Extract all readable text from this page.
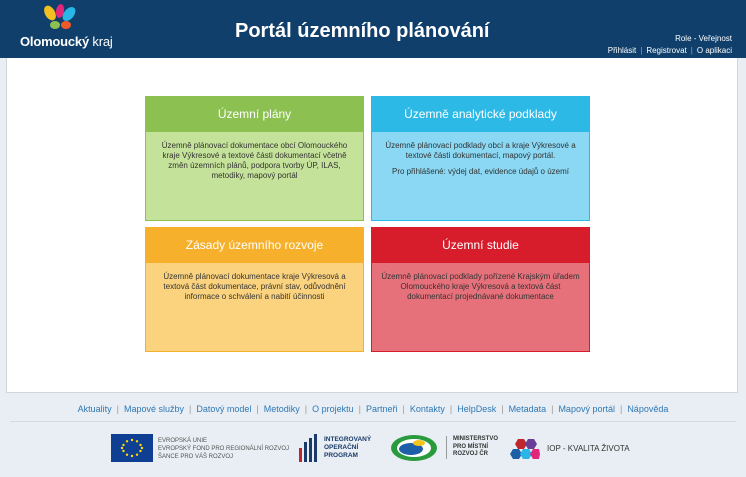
Olomoucký kraj	Portál územního plánování	Role - Veřejnost
Přihlásit | Registrovat | O aplikaci
Územní plány

Územně plánovací dokumentace obcí Olomouckého kraje Výkresové a textové části dokumentací včetně změn územních plánů, podpora tvorby ÚP, ILAS, metodiky, mapový portál

Územně analytické podklady

Územně plánovací podklady obcí a kraje Výkresové a textové části dokumentací, mapový portál.

Pro přihlášené: výdej dat, evidence údajů o území

Zásady územního rozvoje

Územně plánovací dokumentace kraje Výkresová a textová část dokumentace, právní stav, odůvodnění informace o schválení a nabití účinnosti

Územní studie

Územně plánovací podklady pořízené Krajským úřadem Olomouckého kraje Výkresová a textová část dokumentací projednávané dokumentace

Aktuality | Mapové služby | Datový model | Metodiky | O projektu | Partneři | Kontakty | HelpDesk | Metadata | Mapový portál | Nápověda
EVROPSKÁ UNIE
EVROPSKÝ FOND PRO REGIONÁLNÍ ROZVOJ
ŠANCE PRO VÁŠ ROZVOJ
INTEGROVANÝ
OPERAČNÍ
PROGRAM
MINISTERSTVO
PRO MÍSTNÍ
ROZVOJ ČR
IOP - KVALITA ŽIVOTA
